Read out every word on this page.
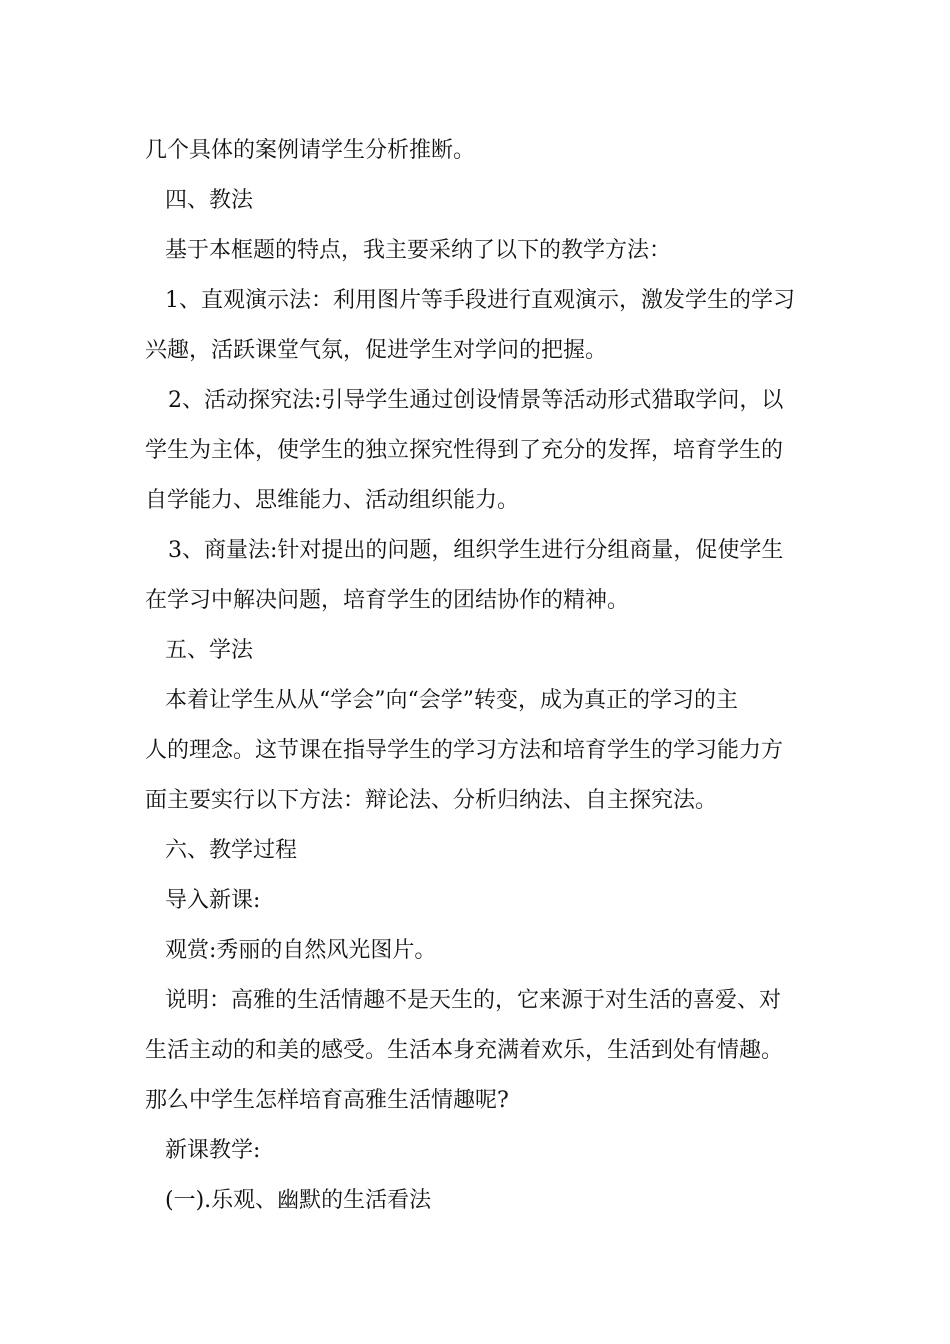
几个具体的案例请学生分析推断。
四、教法
基于本框题的特点，我主要采纳了以下的教学方法：
1、直观演示法：利用图片等手段进行直观演示，激发学生的学习
兴趣，活跃课堂气氛，促进学生对学问的把握。
2、活动探究法:引导学生通过创设情景等活动形式猎取学问，以
学生为主体，使学生的独立探究性得到了充分的发挥，培育学生的
自学能力、思维能力、活动组织能力。
3、商量法:针对提出的问题，组织学生进行分组商量，促使学生
在学习中解决问题，培育学生的团结协作的精神。
五、学法
本着让学生从从“学会”向“会学”转变，成为真正的学习的主
人的理念。这节课在指导学生的学习方法和培育学生的学习能力方
面主要实行以下方法：辩论法、分析归纳法、自主探究法。
六、教学过程
导入新课:
观赏:秀丽的自然风光图片。
说明：高雅的生活情趣不是天生的，它来源于对生活的喜爱、对
生活主动的和美的感受。生活本身充满着欢乐，生活到处有情趣。
那么中学生怎样培育高雅生活情趣呢?
新课教学:
(一).乐观、幽默的生活看法
